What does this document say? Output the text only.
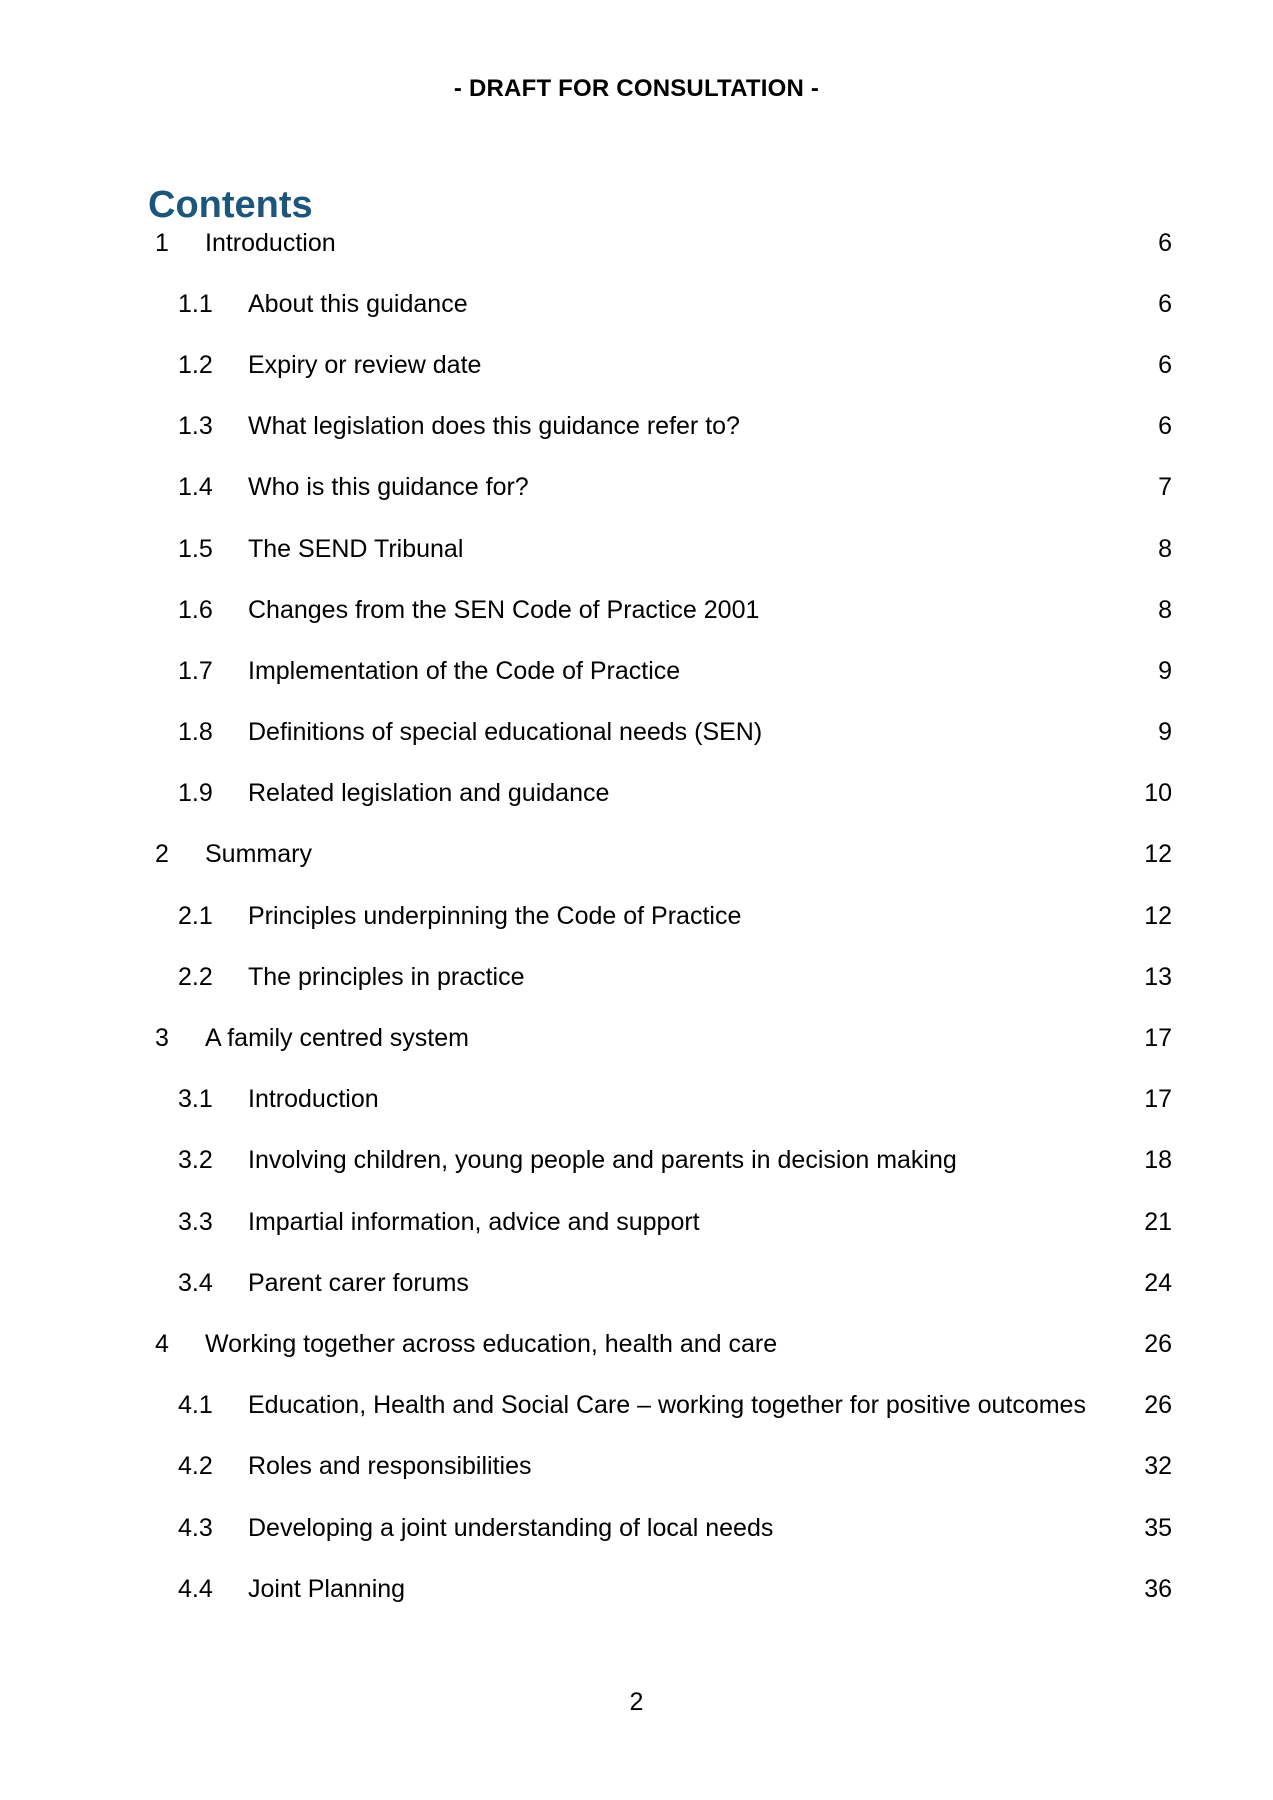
- DRAFT FOR CONSULTATION -
Contents
1	Introduction	6
1.1	About this guidance	6
1.2	Expiry or review date	6
1.3	What legislation does this guidance refer to?	6
1.4	Who is this guidance for?	7
1.5	The SEND Tribunal	8
1.6	Changes from the SEN Code of Practice 2001	8
1.7	Implementation of the Code of Practice	9
1.8	Definitions of special educational needs (SEN)	9
1.9	Related legislation and guidance	10
2	Summary	12
2.1	Principles underpinning the Code of Practice	12
2.2	The principles in practice	13
3	A family centred system	17
3.1	Introduction	17
3.2	Involving children, young people and parents in decision making	18
3.3	Impartial information, advice and support	21
3.4	Parent carer forums	24
4	Working together across education, health and care	26
4.1	Education, Health and Social Care – working together for positive outcomes	26
4.2	Roles and responsibilities	32
4.3	Developing a joint understanding of local needs	35
4.4	Joint Planning	36
2
